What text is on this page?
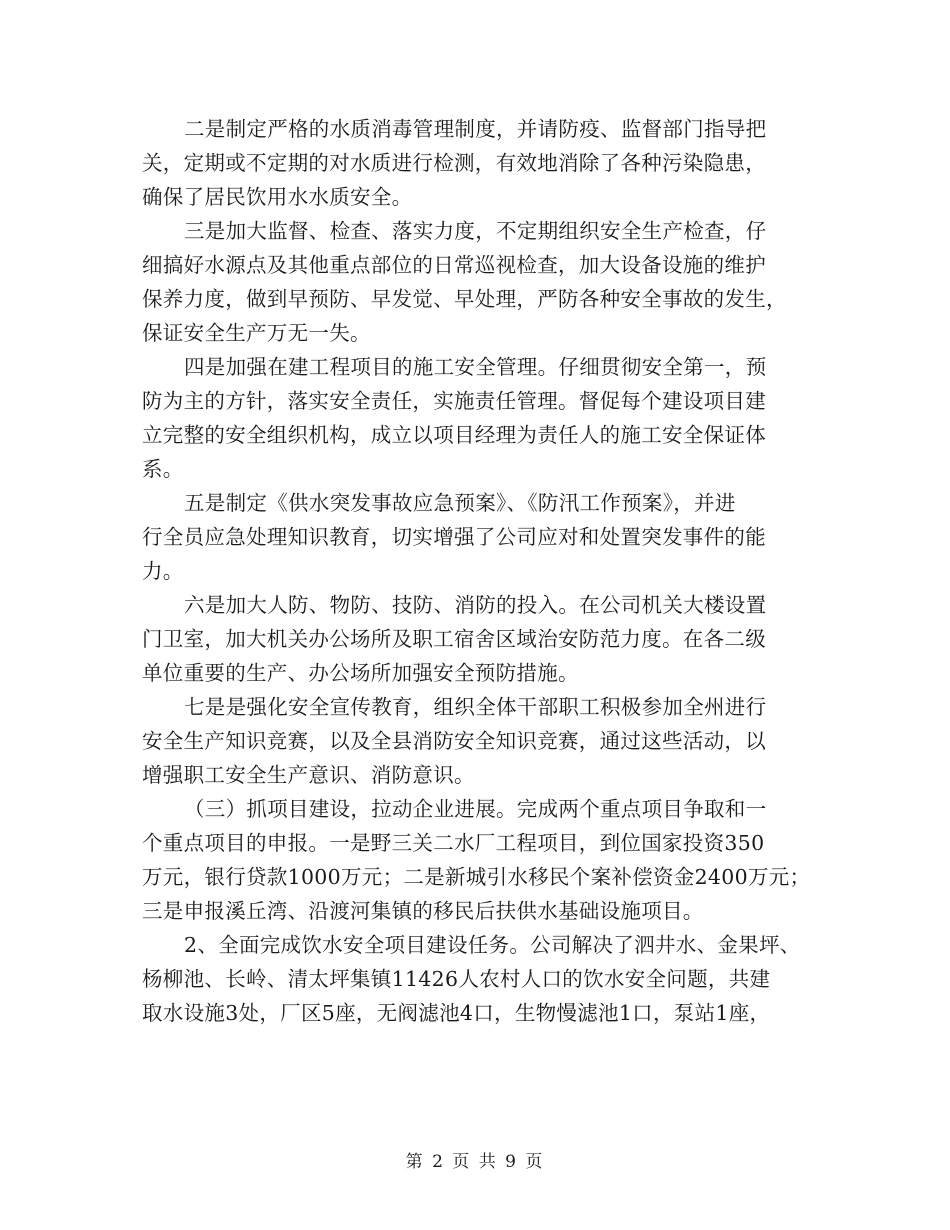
二是制定严格的水质消毒管理制度，并请防疫、监督部门指导把
关，定期或不定期的对水质进行检测，有效地消除了各种污染隐患，
确保了居民饮用水水质安全。
三是加大监督、检查、落实力度，不定期组织安全生产检查，仔
细搞好水源点及其他重点部位的日常巡视检查，加大设备设施的维护
保养力度，做到早预防、早发觉、早处理，严防各种安全事故的发生，
保证安全生产万无一失。
四是加强在建工程项目的施工安全管理。仔细贯彻安全第一，预
防为主的方针，落实安全责任，实施责任管理。督促每个建设项目建
立完整的安全组织机构，成立以项目经理为责任人的施工安全保证体
系。
五是制定《供水突发事故应急预案》、《防汛工作预案》，并进
行全员应急处理知识教育，切实增强了公司应对和处置突发事件的能
力。
六是加大人防、物防、技防、消防的投入。在公司机关大楼设置
门卫室，加大机关办公场所及职工宿舍区域治安防范力度。在各二级
单位重要的生产、办公场所加强安全预防措施。
七是是强化安全宣传教育，组织全体干部职工积极参加全州进行
安全生产知识竞赛，以及全县消防安全知识竞赛，通过这些活动，以
增强职工安全生产意识、消防意识。
（三）抓项目建设，拉动企业进展。完成两个重点项目争取和一
个重点项目的申报。一是野三关二水厂工程项目，到位国家投资350
万元，银行贷款1000万元；二是新城引水移民个案补偿资金2400万元；
三是申报溪丘湾、沿渡河集镇的移民后扶供水基础设施项目。
2、全面完成饮水安全项目建设任务。公司解决了泗井水、金果坪、
杨柳池、长岭、清太坪集镇11426人农村人口的饮水安全问题，共建
取水设施3处，厂区5座，无阀滤池4口，生物慢滤池1口，泵站1座，
第 2 页 共 9 页
